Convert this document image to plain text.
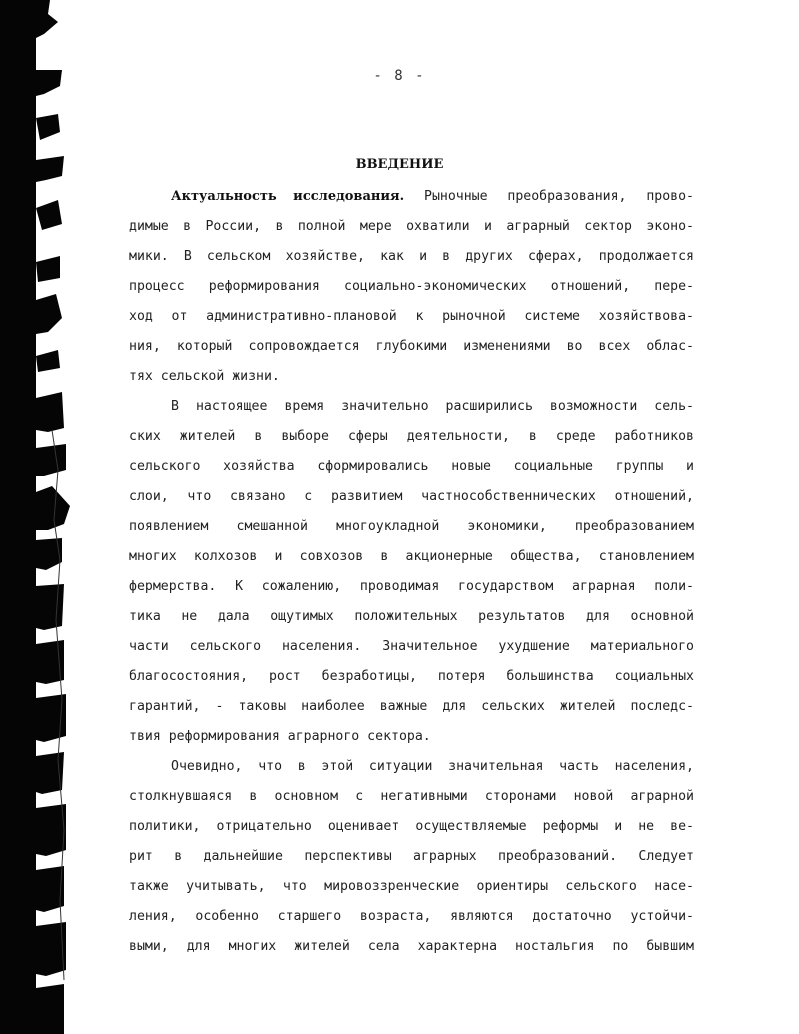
- 8 -
ВВЕДЕНИЕ
Актуальность исследования. Рыночные преобразования, прово-
димые в России, в полной мере охватили и аграрный сектор эконо-
мики. В сельском хозяйстве, как и в других сферах, продолжается
процесс реформирования социально-экономических отношений, пере-
ход от административно-плановой к рыночной системе хозяйствова-
ния, который сопровождается глубокими изменениями во всех облас-
тях сельской жизни.
В настоящее время значительно расширились возможности сель-
ских жителей в выборе сферы деятельности, в среде работников
сельского хозяйства сформировались новые социальные группы и
слои, что связано с развитием частнособственнических отношений,
появлением смешанной многоукладной экономики, преобразованием
многих колхозов и совхозов в акционерные общества, становлением
фермерства. К сожалению, проводимая государством аграрная поли-
тика не дала ощутимых положительных результатов для основной
части сельского населения. Значительное ухудшение материального
благосостояния, рост безработицы, потеря большинства социальных
гарантий, - таковы наиболее важные для сельских жителей последс-
твия реформирования аграрного сектора.
Очевидно, что в этой ситуации значительная часть населения,
столкнувшаяся в основном с негативными сторонами новой аграрной
политики, отрицательно оценивает осуществляемые реформы и не ве-
рит в дальнейшие перспективы аграрных преобразований. Следует
также учитывать, что мировоззренческие ориентиры сельского насе-
ления, особенно старшего возраста, являются достаточно устойчи-
выми, для многих жителей села характерна ностальгия по бывшим
